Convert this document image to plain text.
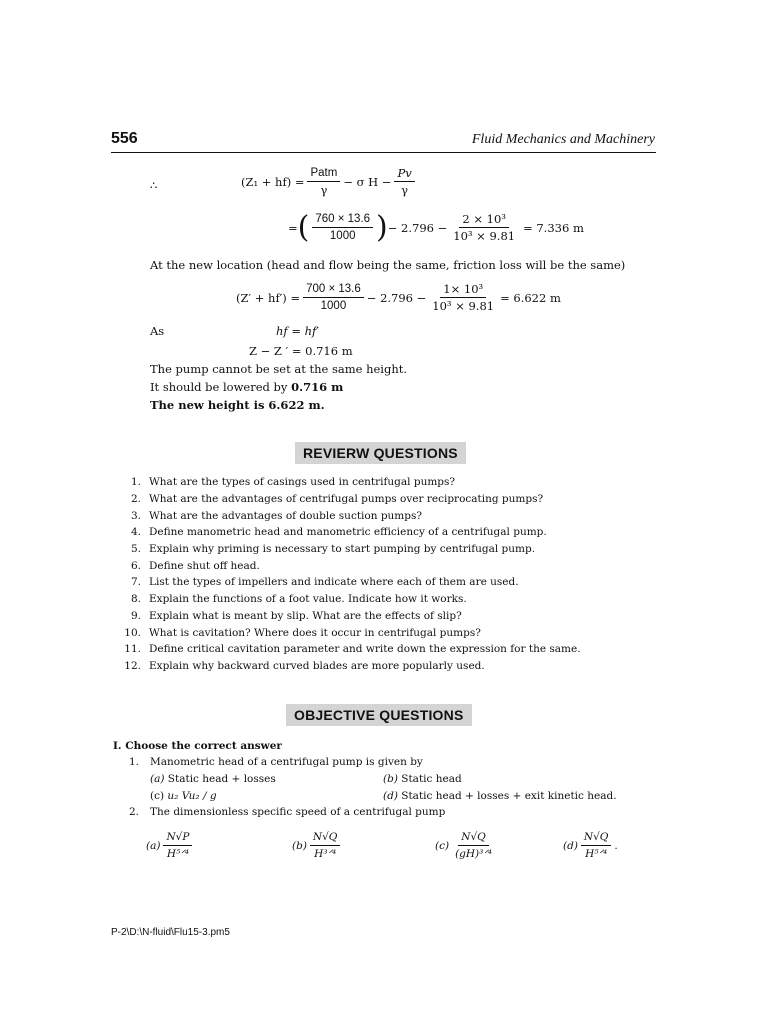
556	Fluid Mechanics and Machinery
∴	$(Z_1 + hf) = \frac{\text{Patm}}{\gamma} - \sigma$ $H - \frac{Pv}{\gamma}$
= ( $\frac{760 \times 13.6}{1000}$ ) − $2.796 - \frac{\text{2 × 10³}}{\text{10³ × 9.81}} = 7.336$ m
At the new location (head and flow being the same, friction loss will be the same)
$(Z' + hf') = \frac{700 \times 13.6}{1000} - 2.796 - \frac{\text{1× 10³}}{\text{10³ × 9.81}} = 6.622$ m
As	hf = hf′
Z − Z ′ = 0.716 m
The pump cannot be set at the same height.
It should be lowered by 0.716 m
The new height is 6.622 m.
REVIERW QUESTIONS
1. What are the types of casings used in centrifugal pumps?
2. What are the advantages of centrifugal pumps over reciprocating pumps?
3. What are the advantages of double suction pumps?
4. Define manometric head and manometric efficiency of a centrifugal pump.
5. Explain why priming is necessary to start pumping by centrifugal pump.
6. Define shut off head.
7. List the types of impellers and indicate where each of them are used.
8. Explain the functions of a foot value. Indicate how it works.
9. Explain what is meant by slip. What are the effects of slip?
10. What is cavitation? Where does it occur in centrifugal pumps?
11. Define critical cavitation parameter and write down the expression for the same.
12. Explain why backward curved blades are more popularly used.
OBJECTIVE QUESTIONS
I. Choose the correct answer
1. Manometric head of a centrifugal pump is given by
(a) Static head + losses	(b) Static head
(c) u₂ Vu₂ / g	(d) Static head + losses + exit kinetic head.
2. The dimensionless specific speed of a centrifugal pump
$(a) \frac{N√P}{\text{H⁵ᐟ⁴}}$	$(b) \frac{N√Q}{\text{H³ᐟ⁴}}$	$(c) \frac{N√Q}{\text{(gH)³ᐟ⁴}}$	$(d) \frac{N√Q}{\text{H⁵ᐟ⁴}}$ .
P-2\D:\N-fluid\Flu15-3.pm5
